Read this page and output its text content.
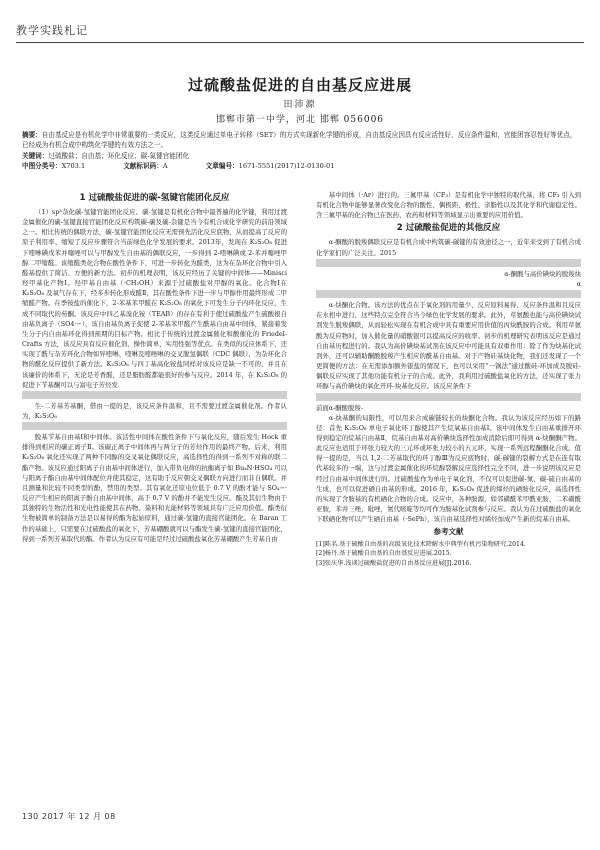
教学实践札记
过硫酸盐促进的自由基反应进展
田沛源
邯郸市第一中学，河北 邯郸 056006
摘要：自由基反应是有机化学中非常重要的一类反应，这类反应通过单电子转移（SET）的方式实现新化学键的形成，自由基反应因具有反应活性好，反应条件温和，官能团容忍性好等优点，已经成为有机合成中构筑化学键的有效方法之一。
关键词：过硫酸盐；自由基；环化反应；碳-氮键官能团化
中图分类号：X703.1	文献标识码：A	文章编号：1671-5551(2017)12-0130-01
1 过硫酸盐促进的碳-氢键官能团化反应

（1）sp³杂化碳-氢键官能团化反应。碳-氢键是有机化合物中最普遍的化学键，利用过渡金属催化的碳-氢键直接官能团化反应构筑碳-碳及碳-杂键是当今有机合成化学研究的前沿领域之一。相比传统的偶联方法，碳-氢键官能团化反应无需预先活化反应底物，从而提高了反应的原子利用率、缩短了反应步骤符合当前绿色化学发展的要求。2013年，发现在 K₂S₂O₈ 促进下喹啉碘戊苯并噻唑可以与甲醇发生自由基的偶联反应，一步得到 2-喹啉碘或 2-苯并噻唑甲醇二甲缩醛。该缩醛类化合物在酸性条件下，可进一步转化为醛类，这为在杂环化合物中引入醛基提供了简洁、方便的新方法。初步的机理表明，该反应经历了关键的中间体——Minisci 羟甲基化产物Ⅰ。羟甲基自由基（·CH₂OH）来源于过硫酸盐对甲醇的氧化。化合物Ⅰ在 K₂S₂O₈ 及氧气存在下，经多步转化形成醛Ⅱ，其在酸性条件下进一步与甲醇作用最终形成二甲缩醛产物。在季铵盐的催化下，2-苯基苯甲醛在 K₂S₂O₈ 的氧化下可发生分子内环化反应，生成不同取代的芴酮。该反应中四乙基溴化铵（TEAB）的存在有利于使过硫酸盐产生硫酸根自由基负离子（SO4·−），该自由基负离子促使 2-苯基苯甲醛产生酰基自由基中间体，紧接着发生分子内自由基环化得到预期的目标产物。相比于传统的过渡金属催化和酸催化的 Friedel-Crafts 方法，该反应具有反应催化剂、操作简单、实用性强等优点。在类似的反应体系下，还实现了酰与杂芳环化合物如异喹啉、喹啉及喹唑啉的交叉脱氢偶联（CDC 偶联），为杂环化合物的酰化反应提供了新方法。K₂S₂O₈ 与四丁基高化铵盐同样对该反应是缺一不可的，并且在该廉价的体系下，无论是芳香醛，还是脂肪醛都能很好的参与反应。2014 年，在 K₂S₂O₈ 的促进下苄基酮可以与富电子芳烃发

生-二芳基芳基酮，借由一提的是，该反应条件温和，且不需要过渡金属催化剂。作者认为，K₂S₂O₈

脱基苄基自由基Ⅰ和中间体。该活性中间体在酸性条件下与氧化反应，随后发生 Hock 重排得到相应的碳正离子Ⅱ。该碳正离子中间体再与两分子的芳烃作用的最终产物。后来，利用 K₂S₂O₈ 氧化还实现了两种不同醇的交叉氧化偶联反应，高选择性的得到一系列不对称的联二酯产物。该反应通过阳离子自由基中间体进行，加入带负电荷的抗衡离子如 Bu₄N·HSO₄ 可以与阳离子酯自由基中间体配位并使其稳定，这有助于反应朝交叉偶联方向进行而非自偶联。并且测量和比较不同类型的酚，禁用的类型。其有氧化还原电位低于 0.7 V 的酚才能与 SO₄−·反应产生相应的阳离子酚自由基中间体，高于 0.7 V 的酚并不能发生反应。酯及其衍生物由于其独特的生物活性和光电性能使其在药物、染料和光能材料等领域具有广泛应用价值。酯类衍生物被简单的制备方法是以易得的酯为起始原料，通过碳-氢键的直接官能团化。在 Baran 工作的基础上，只需要在过硫酸盐的氧化下，芳基硼酸就可以与酯发生碳-氢键的直接官能团化，得到一系列芳基取代的酯。作者认为反应有可能是经过过硫酸盐氧化芳基硼酸产生芳基自由

基中间体（·Ar）进行的。三氟甲基（CF₃）是有机化学中独特的取代基，将 CF₃ 引入到有机化合物中能够显著改变化合物的酸性、偶极距、极性、亲脂性以及其化学和代谢稳定性。含三氟甲基的化合物已在医药、农药和材料等领域显示出重要的应用价值。

2 过硫酸盐促进的其他反应

α-酮酸的脱羧偶联反应是有机合成中构筑碳-碳键的有效途径之一，近年来受到了有机合成化学家们的广泛关注。2015

α-酮酸与高价碘炔的脱羧炔

α

α-炔酮化合物。该方法的优点在于氧化剂的用量少、反应原料易得、反应条件温和且反应在水相中进行，这些特点完全符合当今绿色化学发展的要求。此外，草氨酸也能与高价碘炔试剂发生脱羧偶联，从而轻松实现在有机合成中具有重要应用价值的丙炔酰胺的合成。利用草氨酸为反应物时，加入催化量的硝酸银可以提高反应的收率。初步的机理研究表明该反应是通过自由基历程进行的。我认为高价碘炔基试剂在该反应中可能具有双重作用：除了作为炔基化试剂外，还可以辅助酮酸脱羧产生相应的酰基自由基。对于产物硅基炔化物，我们还发现了一个更简便的方法：在无需添加额外银盐的情况下，也可以采用“一锅法”通过酸硅-环加成及脱硅-偶联反应实现了其他功能有机分子的合成。此外，我利用过硫酸盐氧化的方法，还实现了张力环醇与高价碘炔的氧化开环-炔基化反应。该反应条件下

前面α-酮酸脱羧-

α-炔基酮的局限性，可以用来合成碳链较长的炔酮化合物。我认为该反应经历如下的路径：首先 K₂S₂O₈ 单电子氧化环丁醇使其产生烷氧基自由基Ⅰ。该中间体发生自由基重排开环得到稳定的烷基自由基Ⅱ，烷基自由基对高价碘炔选择性加成消除后即可得到 α-炔酮酮产物。此反应也适用于环张力较大的三元环或环张力较小的五元环，实现一系列远程酮酮化合成。值得一提的是，当以 1,2-二芳基取代的环丁醇Ⅲ为反应底物时，碳-碳键的裂解方式是在连有取代基较多的一端，这与过渡金属催化的环烷醇裂解反应选择性完全不同，进一步说明该反应是经过自由基中间体进行的。过硫酸盐作为单电子氧化剂，不仅可以促进碳-氮、碳-硫自由基的生成，也可以促进硒自由基的形成。2016 年，K₂S₂O₈ 促进的烯烃的硒胺化反应，高选择性的实现了含胺基的有机硒化合物的合成。反应中，各种胺源，如邻磺酰苯甲酰亚胺、二苯磺酰亚胺，苯并三唑，吡唑，氮代嘧啶等均可作为胺基化试剂参与反应。我认为在过硫酸盐的氧化下联硒化物可以产生硒自由基（·SePh），该自由基选择性对烯烃加成产生新的烷基自由基。

参考文献

[1]陈名.基于硫酸自由基的高级氧化技术降解水中典型有机污染物研究.2014.

[2]杨丹.基于硫酸自由基的自由基反应进展.2015.

[3]张庆华.浅谈过硫酸盐促进的自由基反应进展[J].2016.

130 2017 年 12 月 08
